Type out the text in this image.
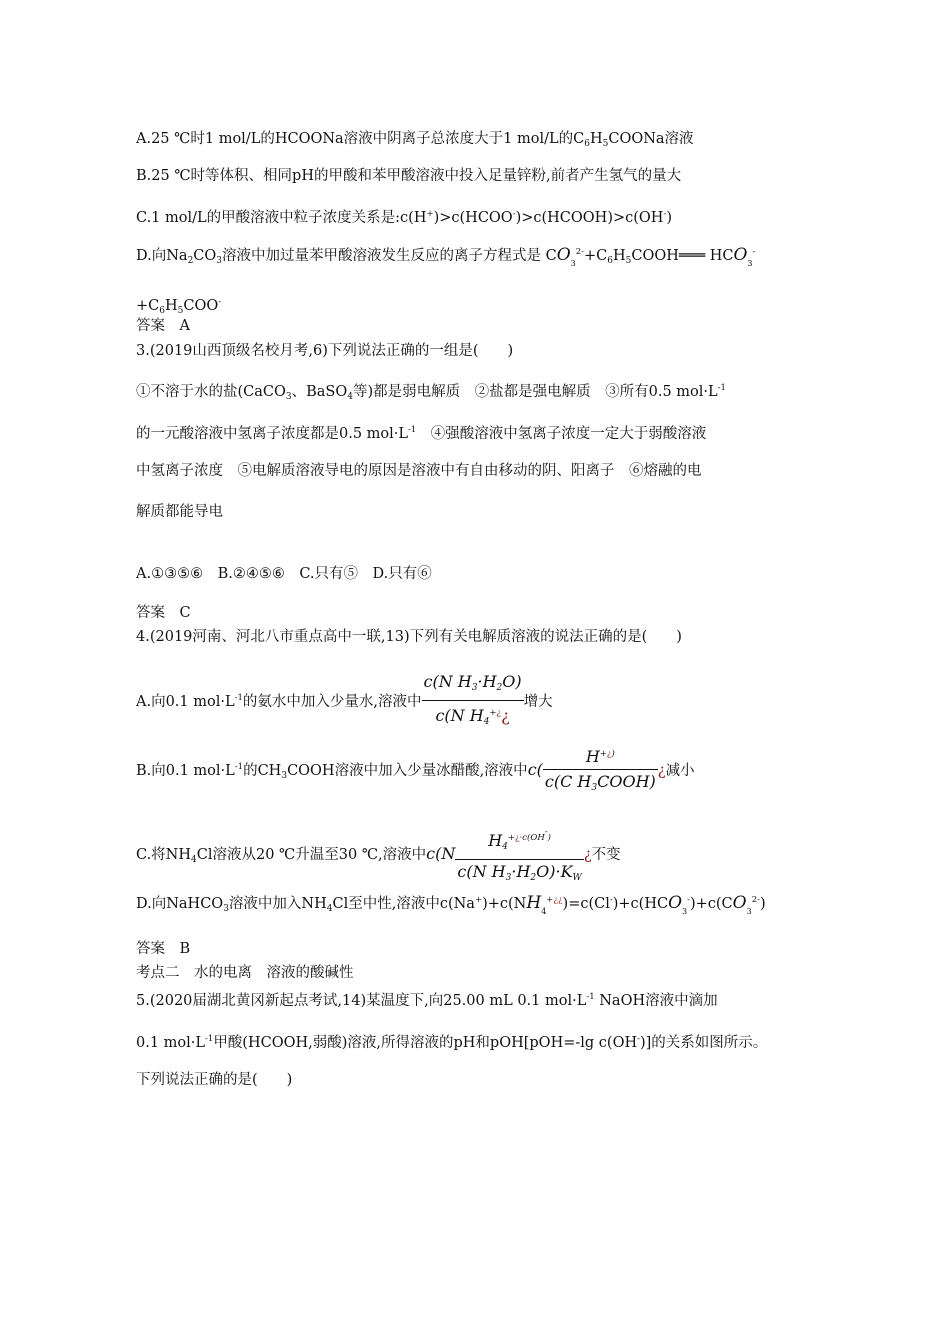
A.25 ℃时1 mol/L的HCOONa溶液中阴离子总浓度大于1 mol/L的$C_6H_5COONa$溶液
B.25 ℃时等体积、相同pH的甲酸和苯甲酸溶液中投入足量锌粉,前者产生氢气的量大
C.1 mol/L的甲酸溶液中粒子浓度关系是:c(H+)>c(HCOO-)>c(HCOOH)>c(OH-)
D.向$Na_2CO_3$溶液中加过量苯甲酸溶液发生反应的离子方程式是 $CO_3^{2-}+C_6H_5COOH═══$ $HCO_3^-$
$+C_6H_5COO^-$
答案　A
3.(2019山西顶级名校月考,6)下列说法正确的一组是(　　)
①不溶于水的盐(CaCO$_3$、BaSO$_4$等)都是弱电解质　②盐都是强电解质　③所有0.5 $mol\cdot L^{-1}$
的一元酸溶液中氢离子浓度都是0.5 $mol\cdot L^{-1}$　④强酸溶液中氢离子浓度一定大于弱酸溶液
中氢离子浓度　⑤电解质溶液导电的原因是溶液中有自由移动的阴、阳离子　⑥熔融的电
解质都能导电
A.①③⑤⑥　B.②④⑤⑥　C.只有⑤　D.只有⑥
答案　C
4.(2019河南、河北八市重点高中一联,13)下列有关电解质溶液的说法正确的是(　　)
A.向0.1 $mol\cdot L^{-1}$的氨水中加入少量水,溶液中 $\frac{c(N H_3\cdot H_2O)}{c(N H_4^{+¿}¿}$ 增大
B.向0.1 $mol\cdot L^{-1}$的$CH_3COOH$溶液中加入少量冰醋酸,溶液中$c( \frac{H^{+¿)}}{c(C H_3COOH)}$ ¿减小
C.将$NH_4Cl$溶液从20 ℃升温至30 ℃,溶液中$c(N \frac{H_4^{+¿\cdot c(OH-)}}{c(N H_3\cdot H_2O)\cdot K_W}$ ¿不变
D.向NaHCO$_3$溶液中加入$NH_4Cl$至中性,溶液中$c(Na^+)+c(NH_4^{+¿¿})=c(Cl^-)+c(HCO_3^-)+c(CO_3^{2-})$
答案　B
考点二　水的电离　溶液的酸碱性
5.(2020届湖北黄冈新起点考试,14)某温度下,向25.00 mL 0.1 $mol\cdot L^{-1}$ NaOH溶液中滴加
0.1 $mol\cdot L^{-1}$甲酸(HCOOH,弱酸)溶液,所得溶液的pH和pOH[pOH=-lg c(OH-)]的关系如图所示。
下列说法正确的是(　　)
